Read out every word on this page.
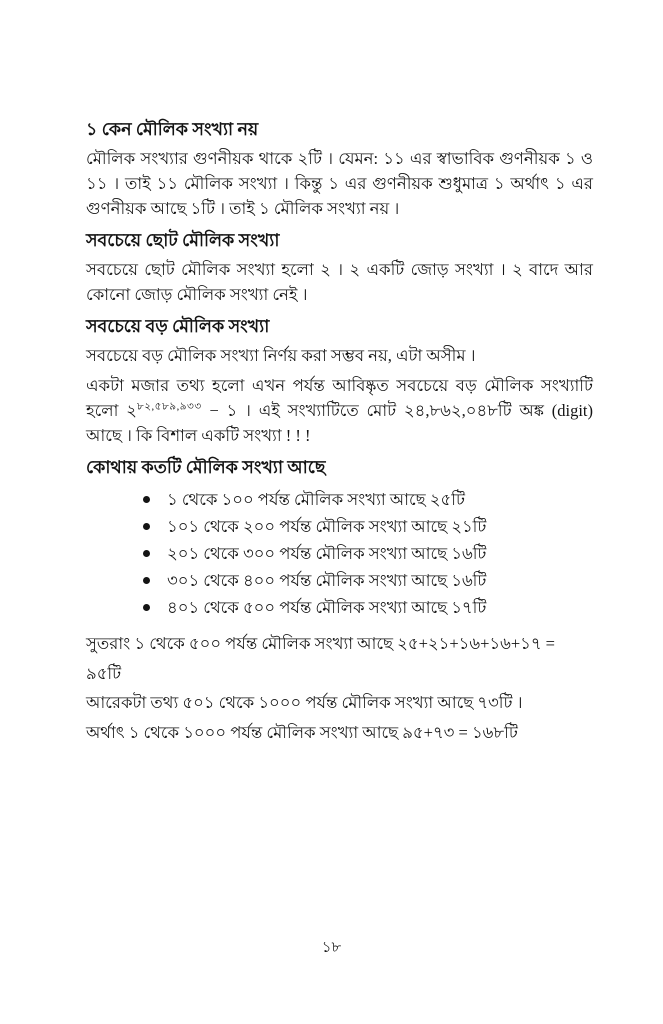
১ কেন মৌলিক সংখ্যা নয়

মৌলিক সংখ্যার গুণনীয়ক থাকে ২টি । যেমন: ১১ এর স্বাভাবিক গুণনীয়ক ১ ও ১১ । তাই ১১ মৌলিক সংখ্যা । কিন্তু ১ এর গুণনীয়ক শুধুমাত্র ১ অর্থাৎ ১ এর গুণনীয়ক আছে ১টি । তাই ১ মৌলিক সংখ্যা নয় ।

সবচেয়ে ছোট মৌলিক সংখ্যা

সবচেয়ে ছোট মৌলিক সংখ্যা হলো ২ । ২ একটি জোড় সংখ্যা । ২ বাদে আর কোনো জোড় মৌলিক সংখ্যা নেই ।

সবচেয়ে বড় মৌলিক সংখ্যা

সবচেয়ে বড় মৌলিক সংখ্যা নির্ণয় করা সম্ভব নয়, এটা অসীম ।

একটা মজার তথ্য হলো এখন পর্যন্ত আবিষ্কৃত সবচেয়ে বড় মৌলিক সংখ্যাটি হলো $২^{৮২,৫৮৯,৯৩৩}$ − ১ । এই সংখ্যাটিতে মোট ২৪,৮৬২,০৪৮টি অঙ্ক (digit) আছে । কি বিশাল একটি সংখ্যা ! ! !

কোথায় কতটি মৌলিক সংখ্যা আছে
১ থেকে ১০০ পর্যন্ত মৌলিক সংখ্যা আছে ২৫টি
১০১ থেকে ২০০ পর্যন্ত মৌলিক সংখ্যা আছে ২১টি
২০১ থেকে ৩০০ পর্যন্ত মৌলিক সংখ্যা আছে ১৬টি
৩০১ থেকে ৪০০ পর্যন্ত মৌলিক সংখ্যা আছে ১৬টি
৪০১ থেকে ৫০০ পর্যন্ত মৌলিক সংখ্যা আছে ১৭টি

সুতরাং ১ থেকে ৫০০ পর্যন্ত মৌলিক সংখ্যা আছে ২৫+২১+১৬+১৬+১৭ = ৯৫টি

আরেকটা তথ্য ৫০১ থেকে ১০০০ পর্যন্ত মৌলিক সংখ্যা আছে ৭৩টি ।

অর্থাৎ ১ থেকে ১০০০ পর্যন্ত মৌলিক সংখ্যা আছে ৯৫+৭৩ = ১৬৮টি

১৮
